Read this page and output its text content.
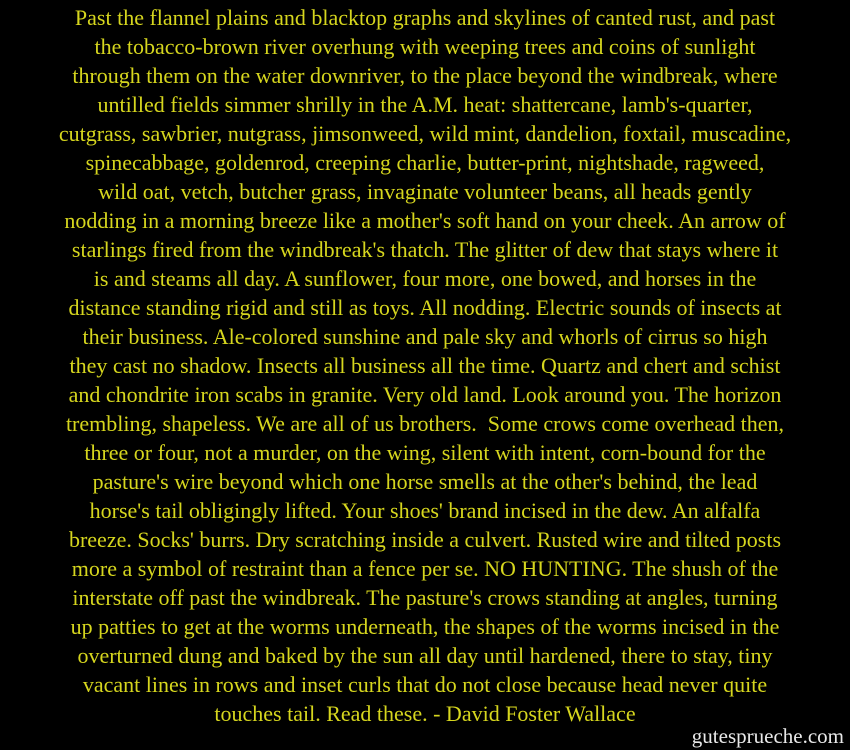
Past the flannel plains and blacktop graphs and skylines of canted rust, and past
the tobacco-brown river overhung with weeping trees and coins of sunlight
through them on the water downriver, to the place beyond the windbreak, where
untilled fields simmer shrilly in the A.M. heat: shattercane, lamb's-quarter,
cutgrass, sawbrier, nutgrass, jimsonweed, wild mint, dandelion, foxtail, muscadine,
spinecabbage, goldenrod, creeping charlie, butter-print, nightshade, ragweed,
wild oat, vetch, butcher grass, invaginate volunteer beans, all heads gently
nodding in a morning breeze like a mother's soft hand on your cheek. An arrow of
starlings fired from the windbreak's thatch. The glitter of dew that stays where it
is and steams all day. A sunflower, four more, one bowed, and horses in the
distance standing rigid and still as toys. All nodding. Electric sounds of insects at
their business. Ale-colored sunshine and pale sky and whorls of cirrus so high
they cast no shadow. Insects all business all the time. Quartz and chert and schist
and chondrite iron scabs in granite. Very old land. Look around you. The horizon
trembling, shapeless. We are all of us brothers.  Some crows come overhead then,
three or four, not a murder, on the wing, silent with intent, corn-bound for the
pasture's wire beyond which one horse smells at the other's behind, the lead
horse's tail obligingly lifted. Your shoes' brand incised in the dew. An alfalfa
breeze. Socks' burrs. Dry scratching inside a culvert. Rusted wire and tilted posts
more a symbol of restraint than a fence per se. NO HUNTING. The shush of the
interstate off past the windbreak. The pasture's crows standing at angles, turning
up patties to get at the worms underneath, the shapes of the worms incised in the
overturned dung and baked by the sun all day until hardened, there to stay, tiny
vacant lines in rows and inset curls that do not close because head never quite
touches tail. Read these. - David Foster Wallace
gutesprueche.com
